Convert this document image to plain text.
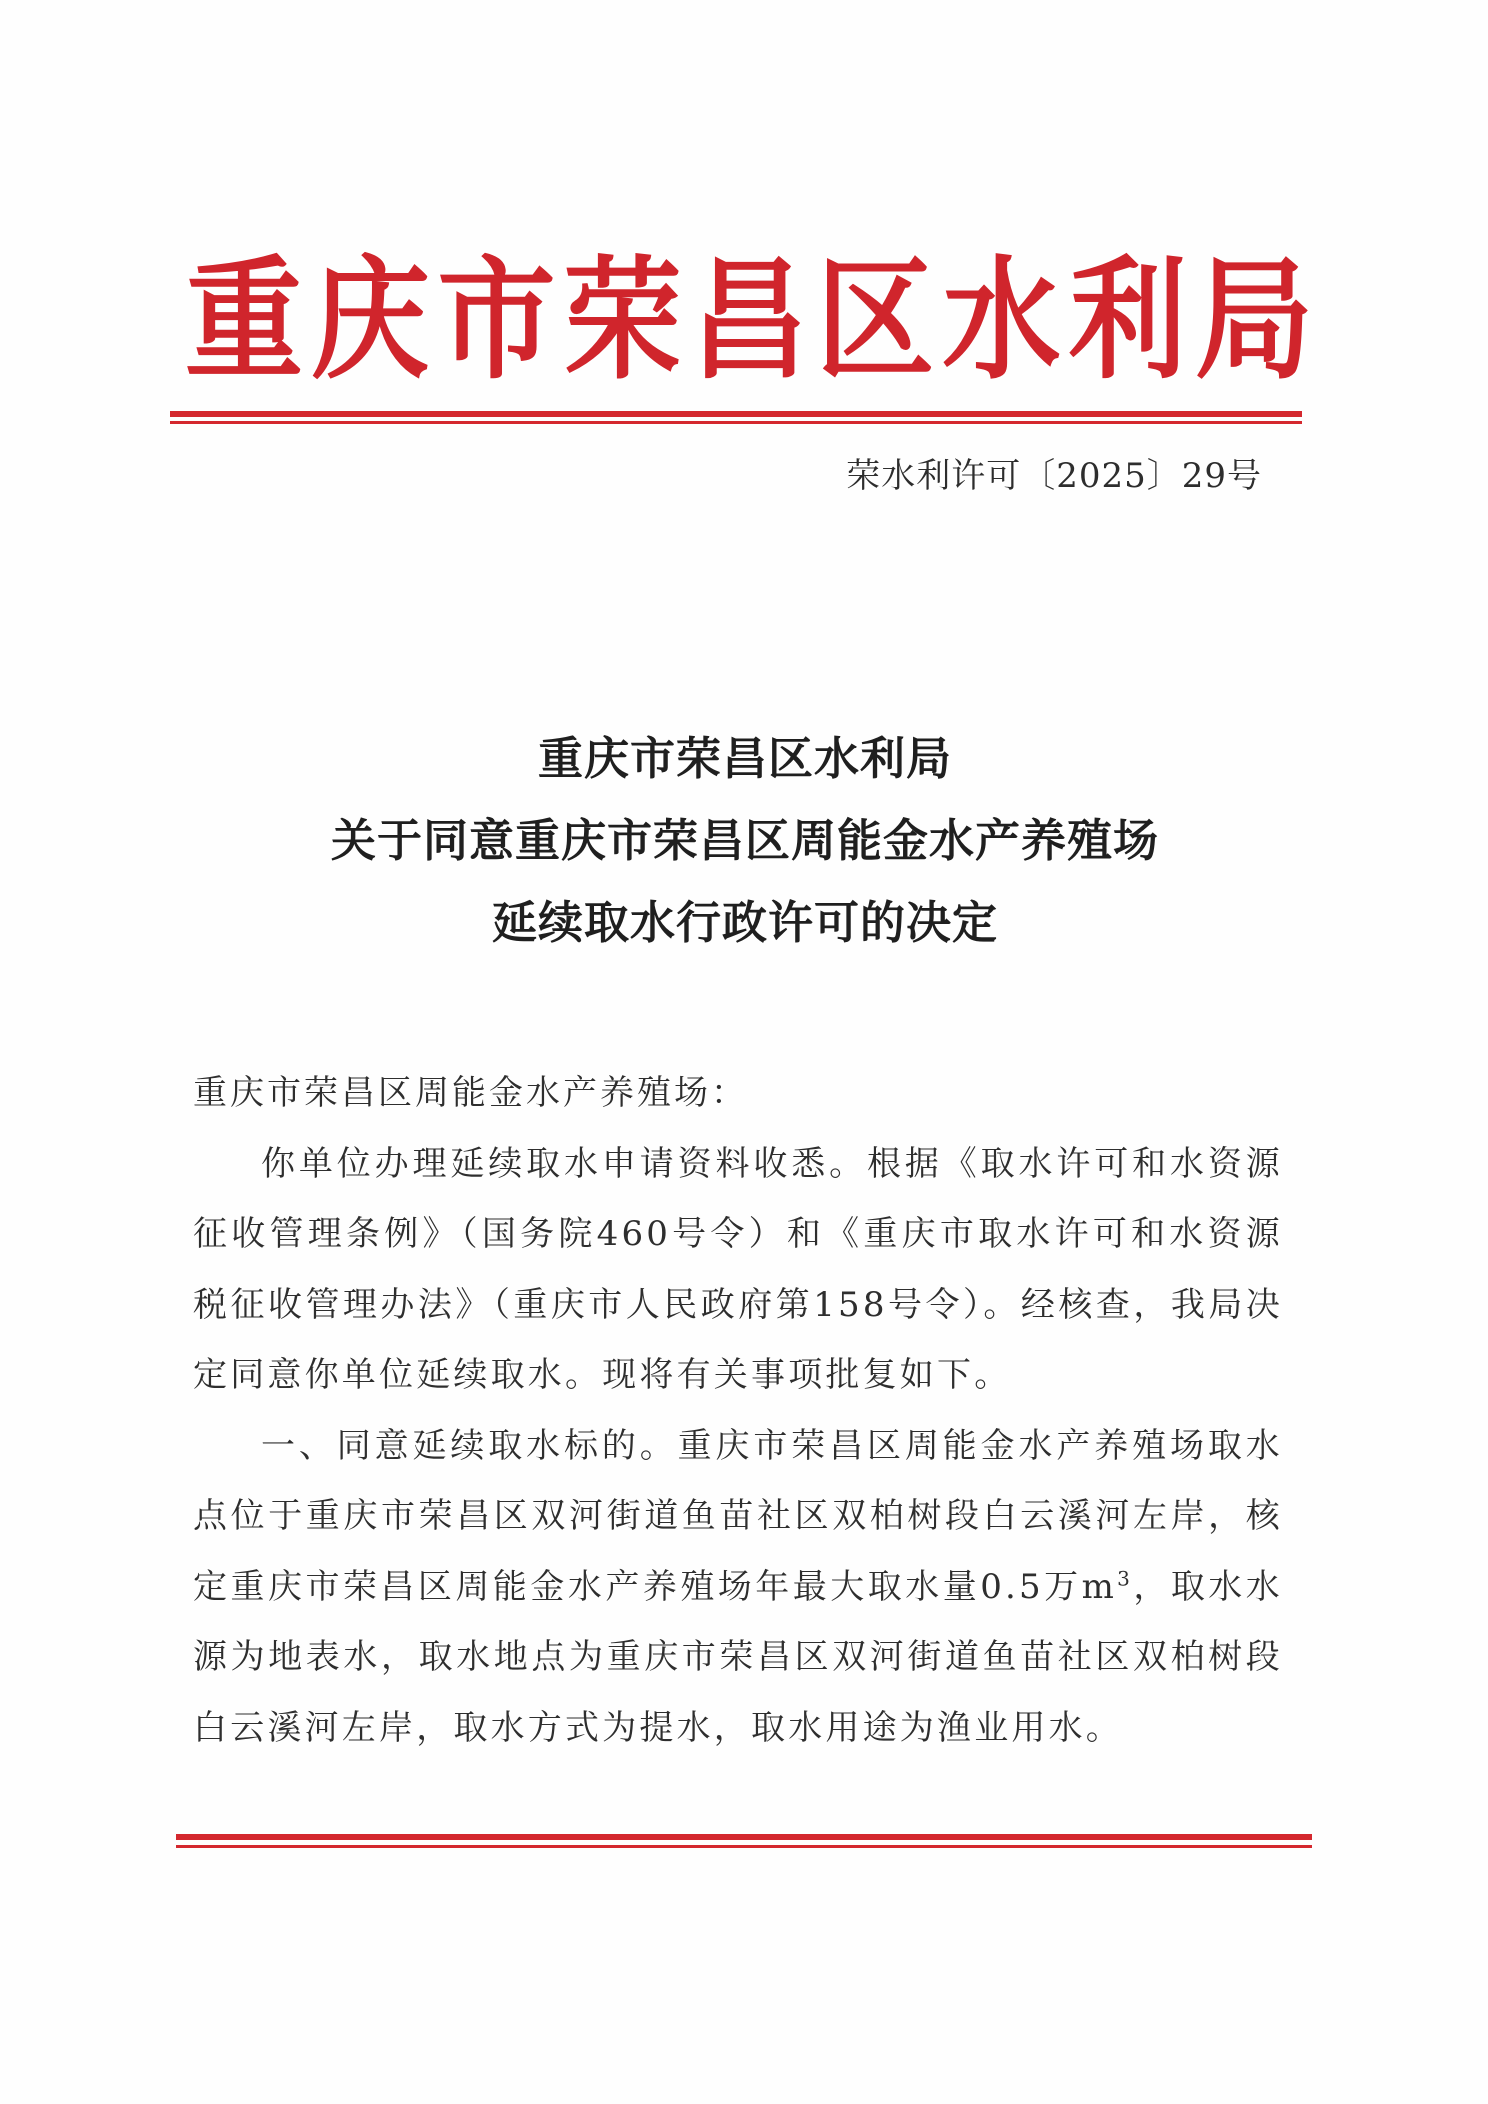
重 庆 市 荣 昌 区 水 利 局
荣水利许可〔2025〕29号
重庆市荣昌区水利局
关于同意重庆市荣昌区周能金水产养殖场
延续取水行政许可的决定
重庆市荣昌区周能金水产养殖场：
你单位办理延续取水申请资料收悉。根据《取水许可和水资源征收管理条例》（国务院460号令）和《重庆市取水许可和水资源税征收管理办法》（重庆市人民政府第158号令）。经核查，我局决定同意你单位延续取水。现将有关事项批复如下。
一、同意延续取水标的。重庆市荣昌区周能金水产养殖场取水点位于重庆市荣昌区双河街道鱼苗社区双柏树段白云溪河左岸，核定重庆市荣昌区周能金水产养殖场年最大取水量0.5万$m^3$，取水水源为地表水，取水地点为重庆市荣昌区双河街道鱼苗社区双柏树段白云溪河左岸，取水方式为提水，取水用途为渔业用水。
